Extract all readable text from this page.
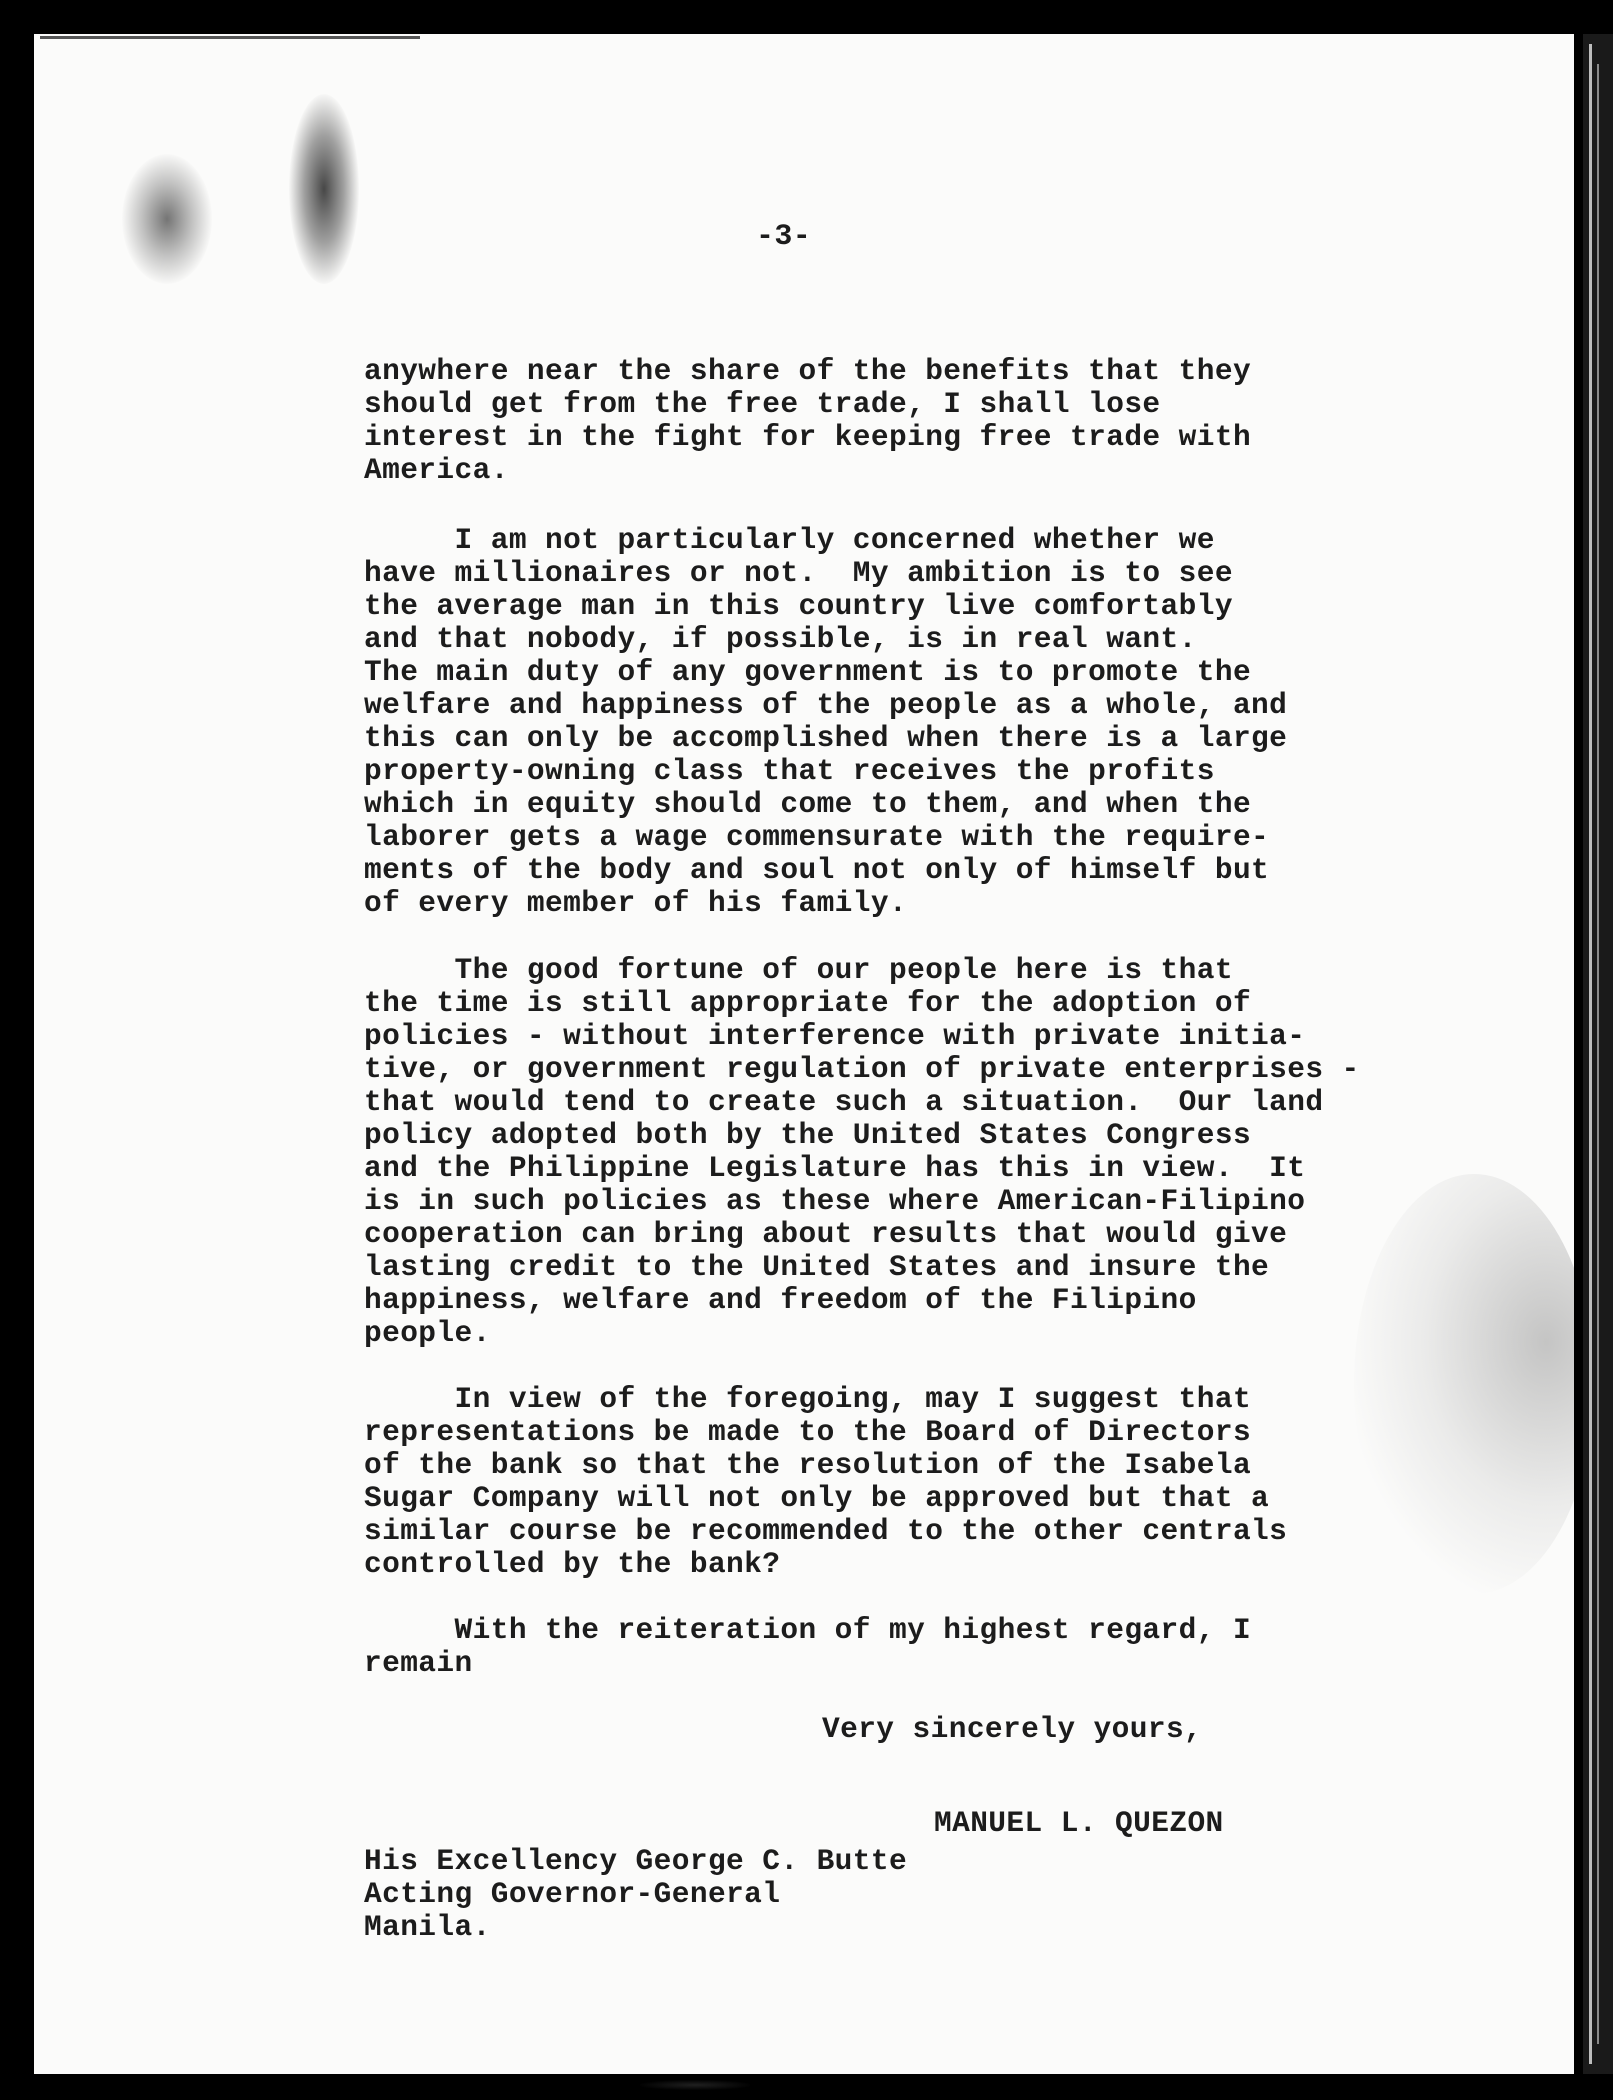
-3-
anywhere near the share of the benefits that they
should get from the free trade, I shall lose
interest in the fight for keeping free trade with
America.
I am not particularly concerned whether we
have millionaires or not.  My ambition is to see
the average man in this country live comfortably
and that nobody, if possible, is in real want.
The main duty of any government is to promote the
welfare and happiness of the people as a whole, and
this can only be accomplished when there is a large
property-owning class that receives the profits
which in equity should come to them, and when the
laborer gets a wage commensurate with the require-
ments of the body and soul not only of himself but
of every member of his family.
The good fortune of our people here is that
the time is still appropriate for the adoption of
policies - without interference with private initia-
tive, or government regulation of private enterprises -
that would tend to create such a situation.  Our land
policy adopted both by the United States Congress
and the Philippine Legislature has this in view.  It
is in such policies as these where American-Filipino
cooperation can bring about results that would give
lasting credit to the United States and insure the
happiness, welfare and freedom of the Filipino
people.
In view of the foregoing, may I suggest that
representations be made to the Board of Directors
of the bank so that the resolution of the Isabela
Sugar Company will not only be approved but that a
similar course be recommended to the other centrals
controlled by the bank?
With the reiteration of my highest regard, I
remain
Very sincerely yours,
MANUEL L. QUEZON
His Excellency George C. Butte
Acting Governor-General
Manila.
